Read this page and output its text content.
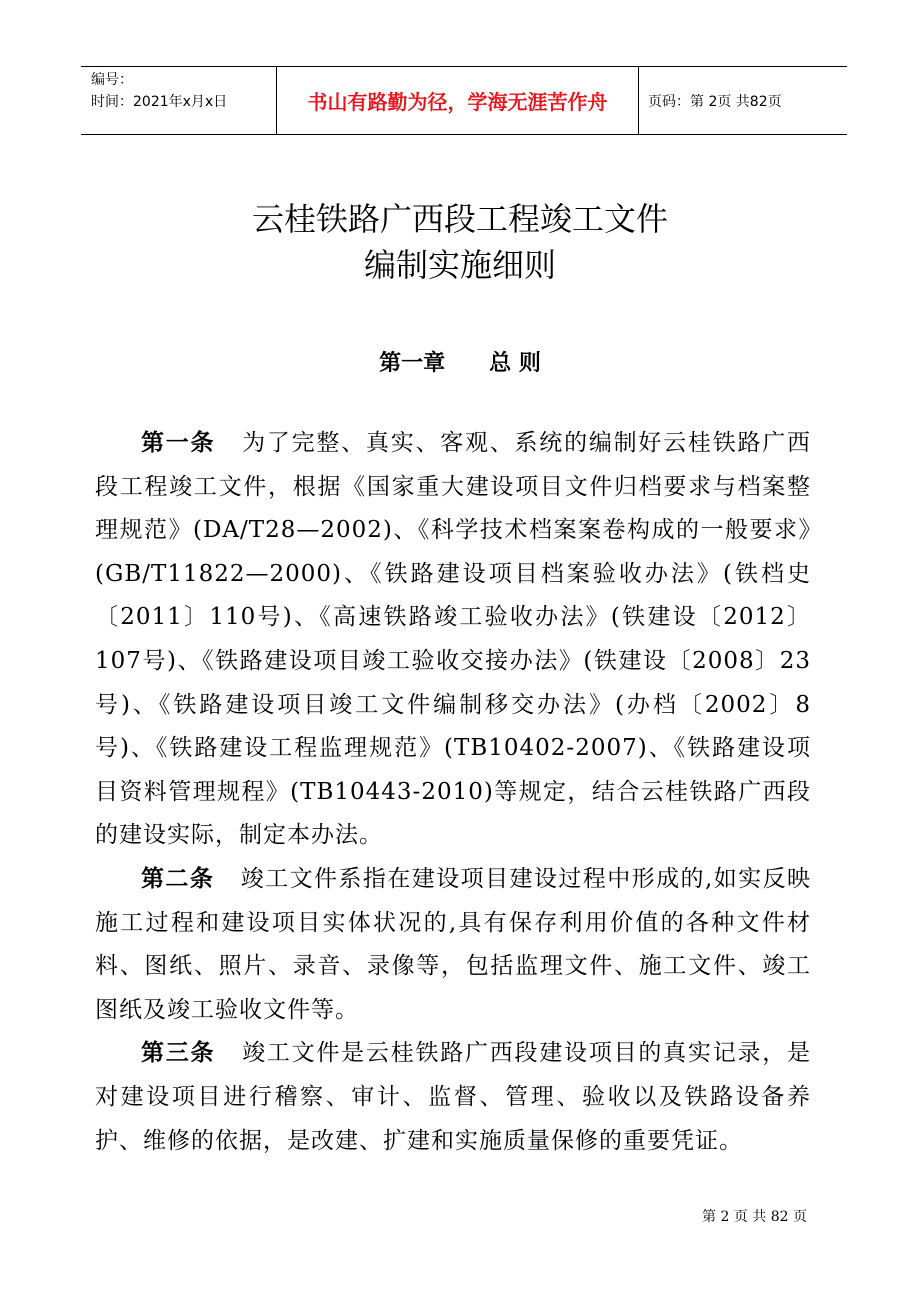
编号：
时间：2021年x月x日	书山有路勤为径，学海无涯苦作舟	页码：第 2页 共82页
云桂铁路广西段工程竣工文件
编制实施细则
第一章 总 则

第一条 为了完整、真实、客观、系统的编制好云桂铁路广西段工程竣工文件，根据《国家重大建设项目文件归档要求与档案整理规范》(DA/T28—2002)、《科学技术档案案卷构成的一般要求》(GB/T11822—2000)、《铁路建设项目档案验收办法》(铁档史〔2011〕110号)、《高速铁路竣工验收办法》(铁建设〔2012〕107号)、《铁路建设项目竣工验收交接办法》(铁建设〔2008〕23号)、《铁路建设项目竣工文件编制移交办法》(办档〔2002〕8号)、《铁路建设工程监理规范》(TB10402-2007)、《铁路建设项目资料管理规程》(TB10443-2010)等规定，结合云桂铁路广西段的建设实际，制定本办法。

第二条 竣工文件系指在建设项目建设过程中形成的,如实反映施工过程和建设项目实体状况的,具有保存利用价值的各种文件材料、图纸、照片、录音、录像等，包括监理文件、施工文件、竣工图纸及竣工验收文件等。

第三条 竣工文件是云桂铁路广西段建设项目的真实记录，是对建设项目进行稽察、审计、监督、管理、验收以及铁路设备养护、维修的依据，是改建、扩建和实施质量保修的重要凭证。

第 2 页 共 82 页
